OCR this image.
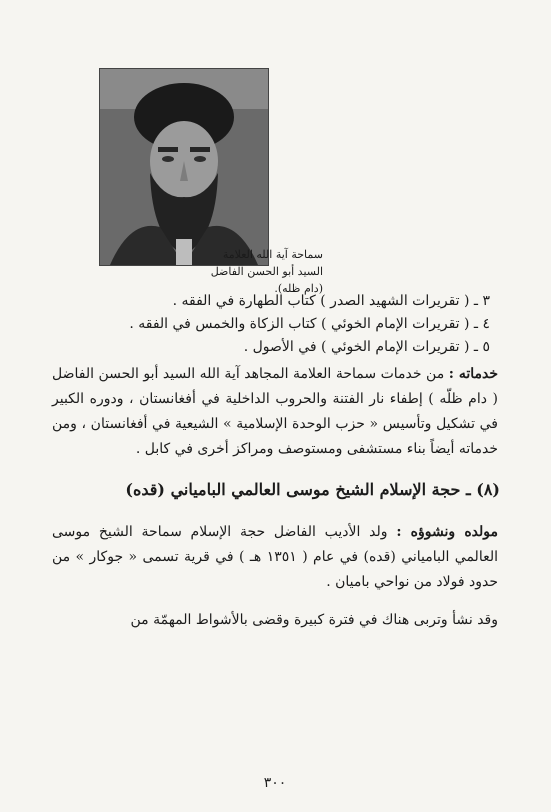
سماحة آية الله العلامة
السيد أبو الحسن الفاضل
(دام ظله).
٣ ـ ( تقريرات الشهيد الصدر ) كتاب الطهارة في الفقه .
٤ ـ ( تقريرات الإمام الخوئي ) كتاب الزكاة والخمس في الفقه .
٥ ـ ( تقريرات الإمام الخوئي ) في الأصول .

خدماته : من خدمات سماحة العلامة المجاهد آية الله السيد أبو الحسن الفاضل ( دام ظلّه ) إطفاء نار الفتنة والحروب الداخلية في أفغانستان ، ودوره الكبير في تشكيل وتأسيس « حزب الوحدة الإسلامية » الشيعية في أفغانستان ، ومن خدماته أيضاً بناء مستشفى ومستوصف ومراكز أخرى في كابل .

(٨) ـ حجة الإسلام الشيخ موسى العالمي البامياني (قده)

مولده ونشوؤه : ولد الأديب الفاضل حجة الإسلام سماحة الشيخ موسى العالمي البامياني (قده) في عام ( ١٣٥١ هـ ) في قرية تسمى « جوكار » من حدود فولاد من نواحي باميان .

وقد نشأ وتربى هناك في فترة كبيرة وقضى بالأشواط المهمّة من

٣٠٠
